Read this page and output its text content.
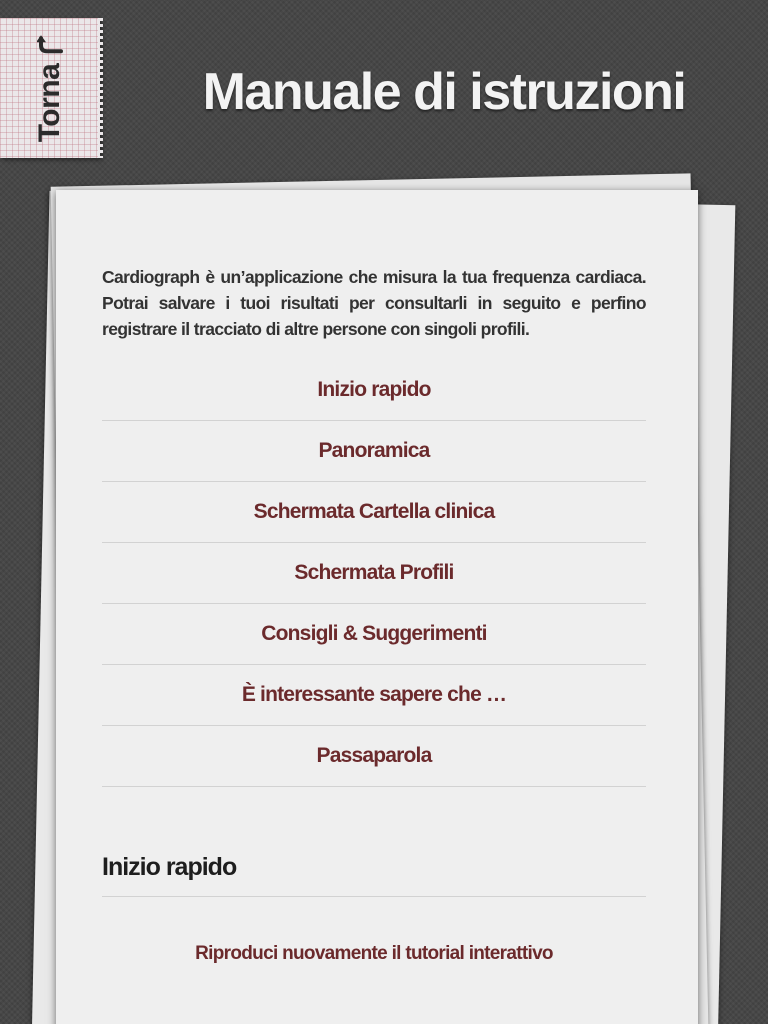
Torna	Manuale di istruzioni

Cardiograph è un’applicazione che misura la tua frequenza cardiaca. Potrai salvare i tuoi risultati per consultarli in seguito e perfino registrare il tracciato di altre persone con singoli profili.

Inizio rapido
Panoramica
Schermata Cartella clinica
Schermata Profili
Consigli & Suggerimenti
È interessante sapere che …
Passaparola
Inizio rapido
Riproduci nuovamente il tutorial interattivo
